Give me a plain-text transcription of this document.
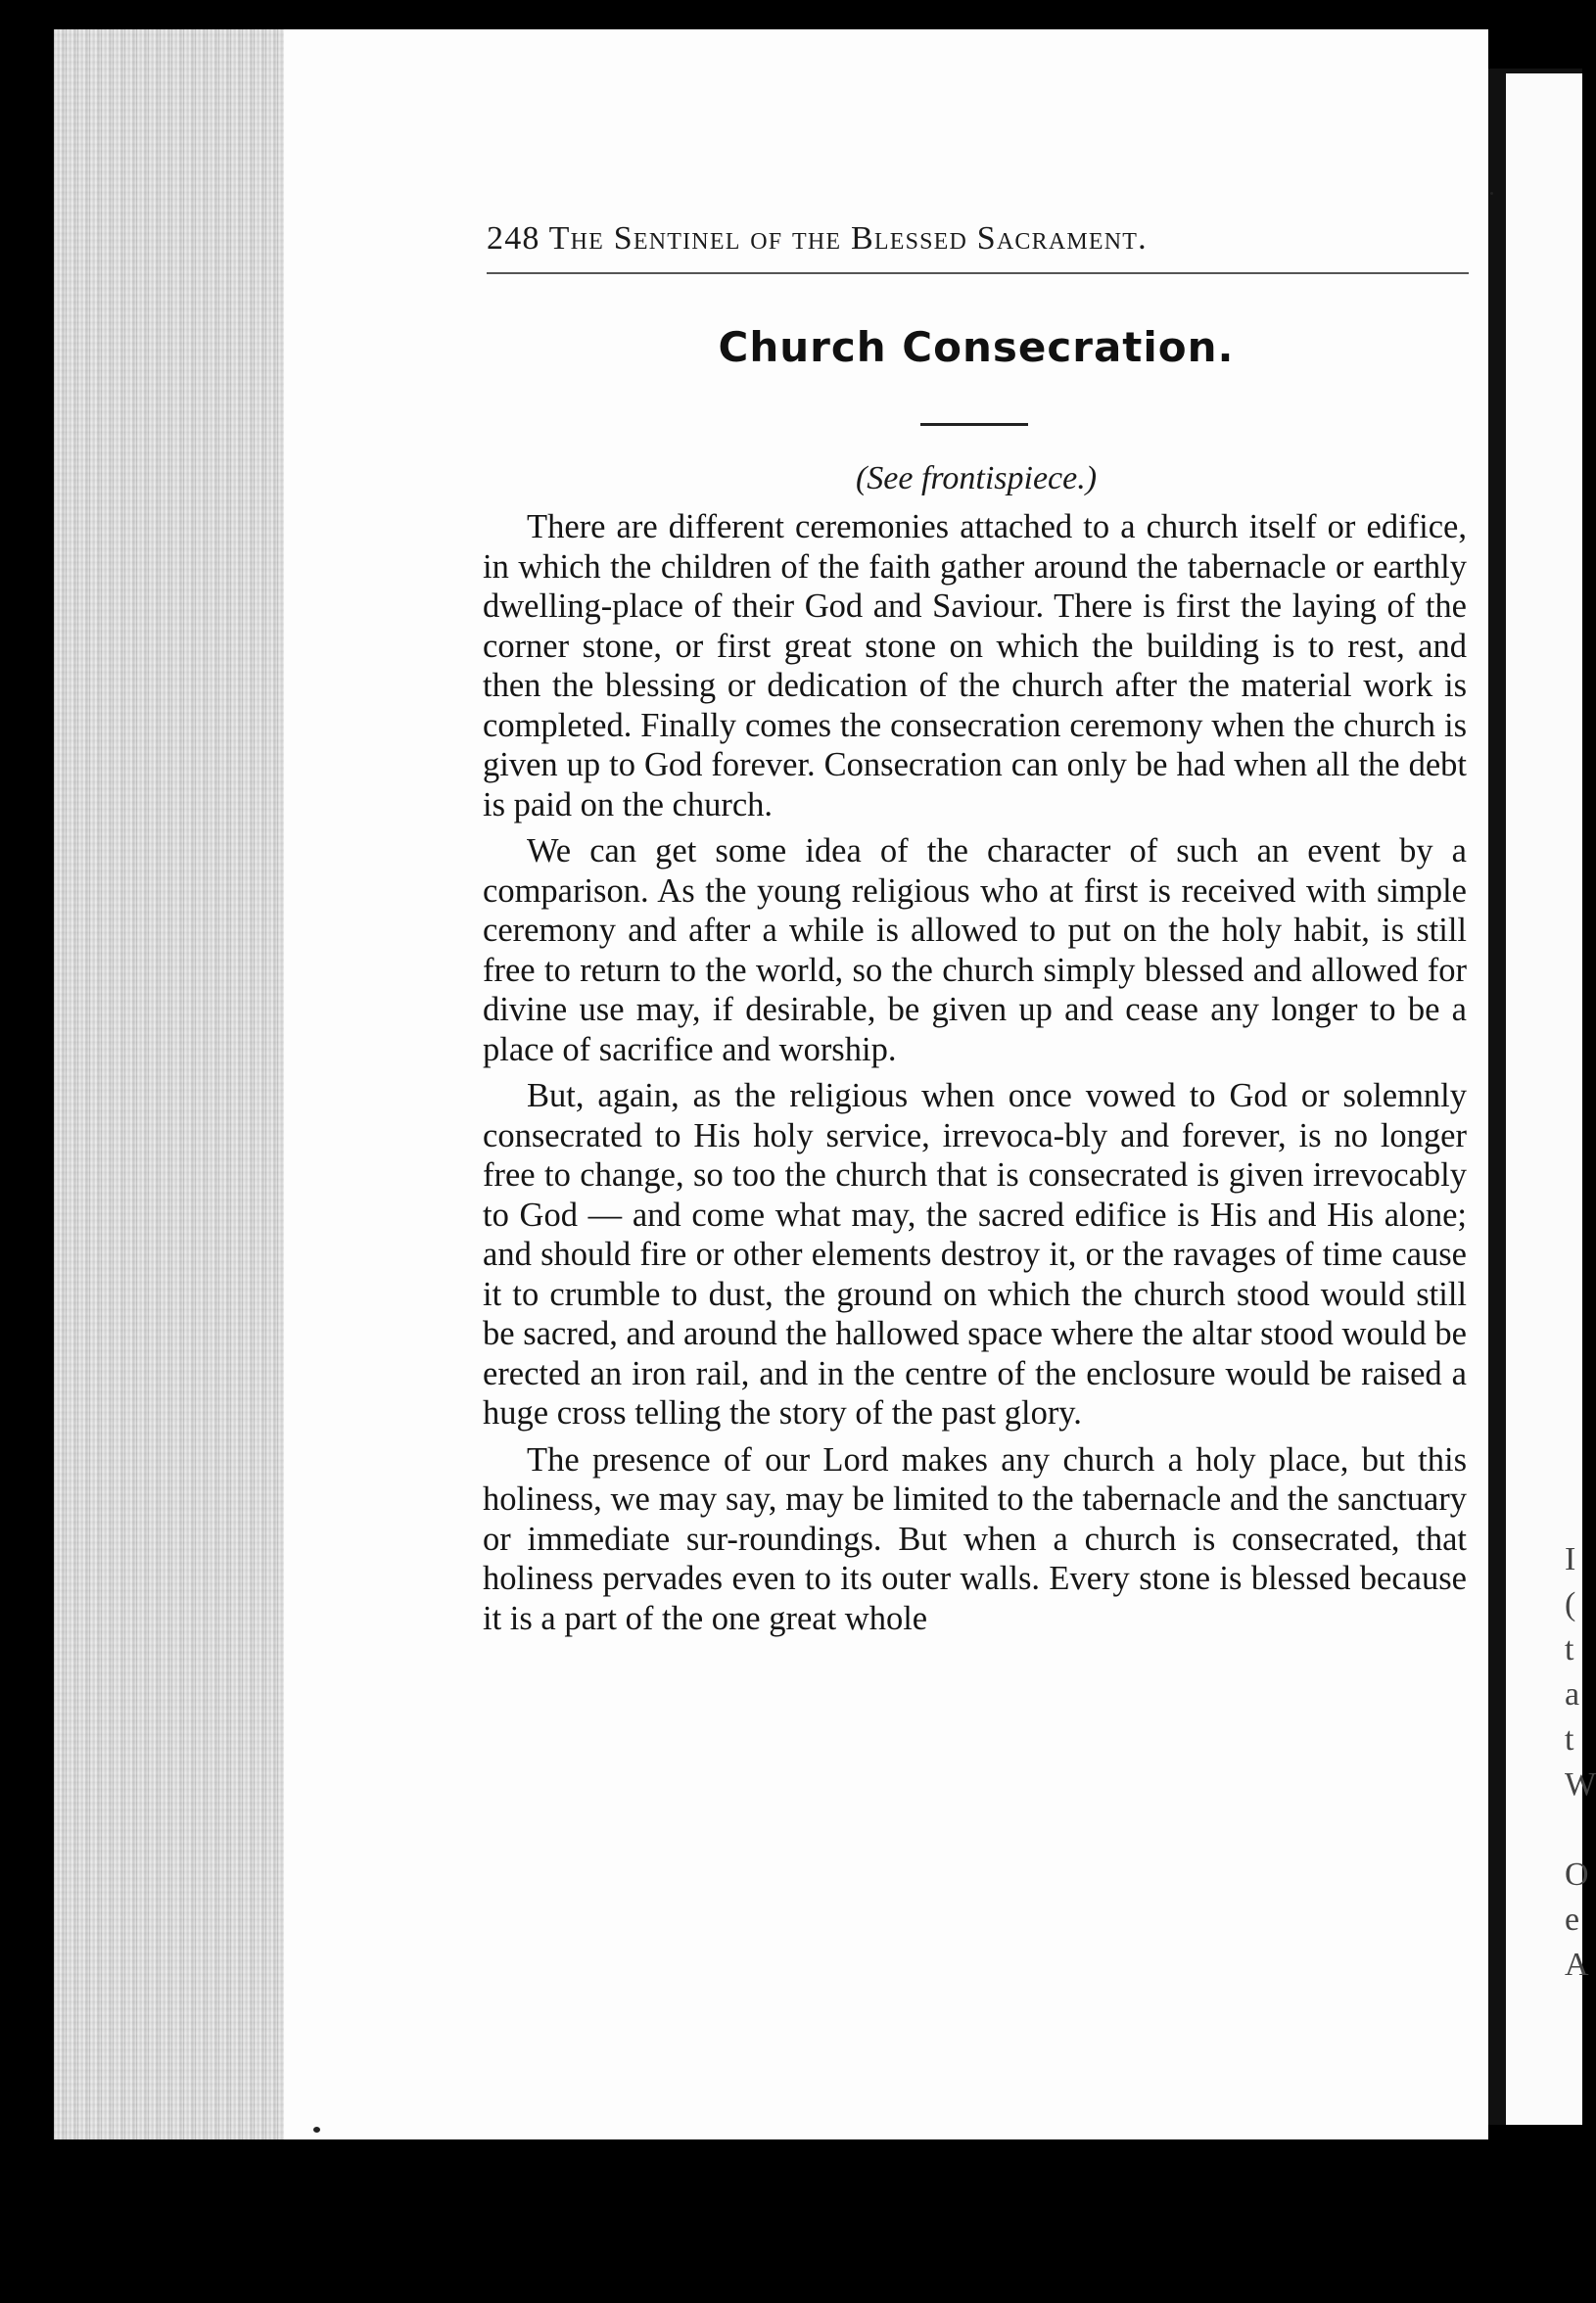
I
(
t
a
t
W

O
e
A
248 The Sentinel of the Blessed Sacrament.
Church Consecration.
(See frontispiece.)

There are different ceremonies attached to a church itself or edifice, in which the children of the faith gather around the tabernacle or earthly dwelling-place of their God and Saviour. There is first the laying of the corner stone, or first great stone on which the building is to rest, and then the blessing or dedication of the church after the material work is completed. Finally comes the consecration ceremony when the church is given up to God forever. Consecration can only be had when all the debt is paid on the church.

We can get some idea of the character of such an event by a comparison. As the young religious who at first is received with simple ceremony and after a while is allowed to put on the holy habit, is still free to return to the world, so the church simply blessed and allowed for divine use may, if desirable, be given up and cease any longer to be a place of sacrifice and worship.

But, again, as the religious when once vowed to God or solemnly consecrated to His holy service, irrevoca-bly and forever, is no longer free to change, so too the church that is consecrated is given irrevocably to God — and come what may, the sacred edifice is His and His alone; and should fire or other elements destroy it, or the ravages of time cause it to crumble to dust, the ground on which the church stood would still be sacred, and around the hallowed space where the altar stood would be erected an iron rail, and in the centre of the enclosure would be raised a huge cross telling the story of the past glory.

The presence of our Lord makes any church a holy place, but this holiness, we may say, may be limited to the tabernacle and the sanctuary or immediate sur-roundings. But when a church is consecrated, that holiness pervades even to its outer walls. Every stone is blessed because it is a part of the one great whole
